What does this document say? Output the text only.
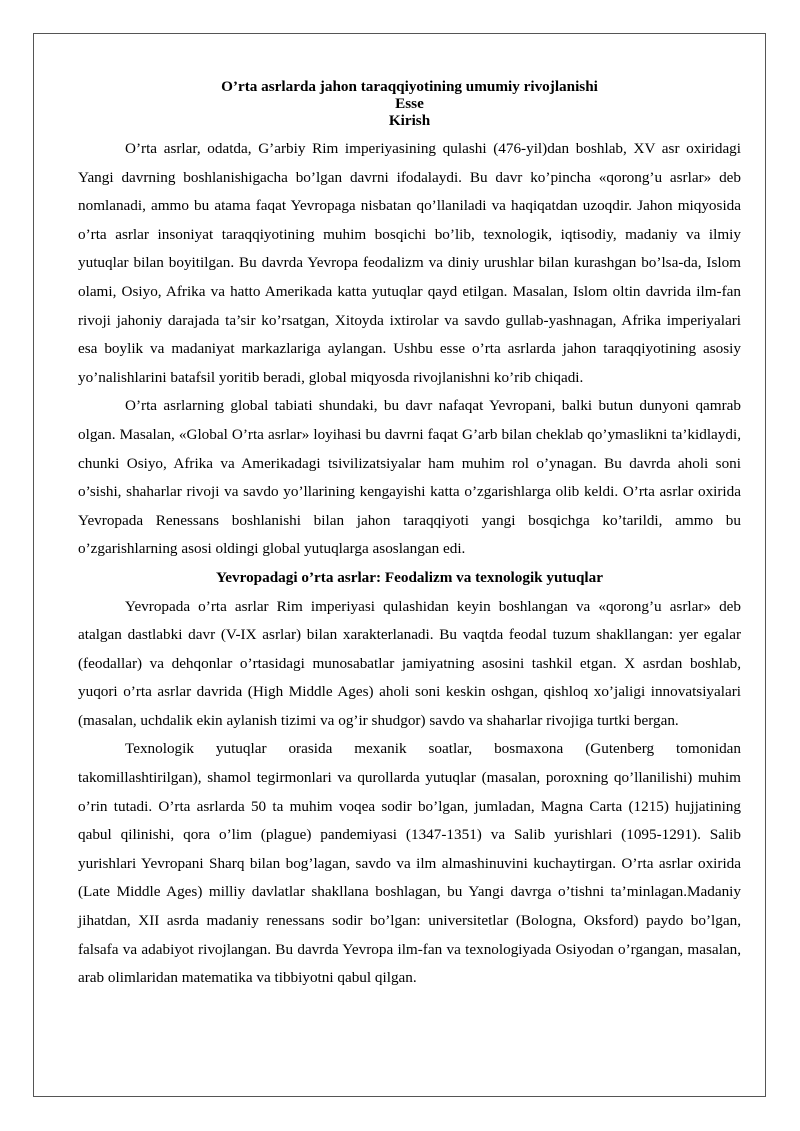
O’rta asrlarda jahon taraqqiyotining umumiy rivojlanishi

Esse

Kirish

O’rta asrlar, odatda, G’arbiy Rim imperiyasining qulashi (476-yil)dan boshlab, XV asr oxiridagi Yangi davrning boshlanishigacha bo’lgan davrni ifodalaydi. Bu davr ko’pincha «qorong’u asrlar» deb nomlanadi, ammo bu atama faqat Yevropaga nisbatan qo’llaniladi va haqiqatdan uzoqdir. Jahon miqyosida o’rta asrlar insoniyat taraqqiyotining muhim bosqichi bo’lib, texnologik, iqtisodiy, madaniy va ilmiy yutuqlar bilan boyitilgan. Bu davrda Yevropa feodalizm va diniy urushlar bilan kurashgan bo’lsa-da, Islom olami, Osiyo, Afrika va hatto Amerikada katta yutuqlar qayd etilgan. Masalan, Islom oltin davrida ilm-fan rivoji jahoniy darajada ta’sir ko’rsatgan, Xitoyda ixtirolar va savdo gullab-yashnagan, Afrika imperiyalari esa boylik va madaniyat markazlariga aylangan. Ushbu esse o’rta asrlarda jahon taraqqiyotining asosiy yo’nalishlarini batafsil yoritib beradi, global miqyosda rivojlanishni ko’rib chiqadi.

O’rta asrlarning global tabiati shundaki, bu davr nafaqat Yevropani, balki butun dunyoni qamrab olgan. Masalan, «Global O’rta asrlar» loyihasi bu davrni faqat G’arb bilan cheklab qo’ymaslikni ta’kidlaydi, chunki Osiyo, Afrika va Amerikadagi tsivilizatsiyalar ham muhim rol o’ynagan. Bu davrda aholi soni o’sishi, shaharlar rivoji va savdo yo’llarining kengayishi katta o’zgarishlarga olib keldi. O’rta asrlar oxirida Yevropada Renessans boshlanishi bilan jahon taraqqiyoti yangi bosqichga ko’tarildi, ammo bu o’zgarishlarning asosi oldingi global yutuqlarga asoslangan edi.

Yevropadagi o’rta asrlar: Feodalizm va texnologik yutuqlar

Yevropada o’rta asrlar Rim imperiyasi qulashidan keyin boshlangan va «qorong’u asrlar» deb atalgan dastlabki davr (V-IX asrlar) bilan xarakterlanadi. Bu vaqtda feodal tuzum shakllangan: yer egalar (feodallar) va dehqonlar o’rtasidagi munosabatlar jamiyatning asosini tashkil etgan. X asrdan boshlab, yuqori o’rta asrlar davrida (High Middle Ages) aholi soni keskin oshgan, qishloq xo’jaligi innovatsiyalari (masalan, uchdalik ekin aylanish tizimi va og’ir shudgor) savdo va shaharlar rivojiga turtki bergan.

Texnologik yutuqlar orasida mexanik soatlar, bosmaxona (Gutenberg tomonidan takomillashtirilgan), shamol tegirmonlari va qurollarda yutuqlar (masalan, poroxning qo’llanilishi) muhim o’rin tutadi. O’rta asrlarda 50 ta muhim voqea sodir bo’lgan, jumladan, Magna Carta (1215) hujjatining qabul qilinishi, qora o’lim (plague) pandemiyasi (1347-1351) va Salib yurishlari (1095-1291). Salib yurishlari Yevropani Sharq bilan bog’lagan, savdo va ilm almashinuvini kuchaytirgan. O’rta asrlar oxirida (Late Middle Ages) milliy davlatlar shakllana boshlagan, bu Yangi davrga o’tishni ta’minlagan.Madaniy jihatdan, XII asrda madaniy renessans sodir bo’lgan: universitetlar (Bologna, Oksford) paydo bo’lgan, falsafa va adabiyot rivojlangan. Bu davrda Yevropa ilm-fan va texnologiyada Osiyodan o’rgangan, masalan, arab olimlaridan matematika va tibbiyotni qabul qilgan.
